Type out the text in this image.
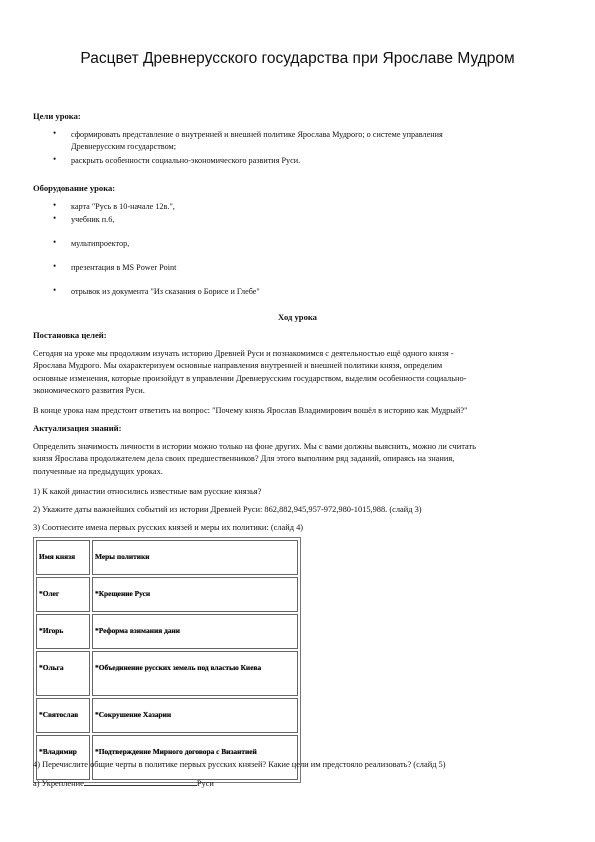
Расцвет Древнерусского государства при Ярославе Мудром
Цели урока:
• сформировать представление о внутренней и внешней политике Ярослава Мудрого; о системе управления
Древнерусским государством;
• раскрыть особенности социально-экономического развития Руси.
Оборудование урока:
• карта "Русь в 10-начале 12в.",
• учебник п.6,
• мультипроектор,
• презентация в MS Power Point
• отрывок из документа "Из сказания о Борисе и Глебе"
Ход урока
Постановка целей:
Сегодня на уроке мы продолжим изучать историю Древней Руси и познакомимся с деятельностью ещё одного князя -
Ярослава Мудрого. Мы охарактеризуем основные направления внутренней и внешней политики князя, определим
основные изменения, которые произойдут в управлении Древнерусским государством, выделим особенности социально-
экономического развития Руси.
В конце урока нам предстоит ответить на вопрос: "Почему князь Ярослав Владимирович вошёл в историю как Мудрый?"
Актуализация знаний:
Определить значимость личности в истории можно только на фоне других. Мы с вами должны выяснить, можно ли считать
князя Ярослава продолжателем дела своих предшественников? Для этого выполним ряд заданий, опираясь на знания,
полученные на предыдущих уроках.
1) К какой династии относились известные вам русские князья?
2) Укажите даты важнейших событий из истории Древней Руси: 862,882,945,957-972,980-1015,988. (слайд 3)
3) Соотнесите имена первых русских князей и меры их политики: (слайд 4)
Имя князя	Меры политики
*Олег	*Крещение Руси
*Игорь	*Реформа взимания дани
*Ольга	*Объединение русских земель под властью Киева
*Святослав	*Сокрушение Хазарии
*Владимир	*Подтверждение Мирного договора с Византией
4) Перечислите общие черты в политике первых русских князей? Какие цели им предстояло реализовать? (слайд 5)
а) Укрепление	Руси
